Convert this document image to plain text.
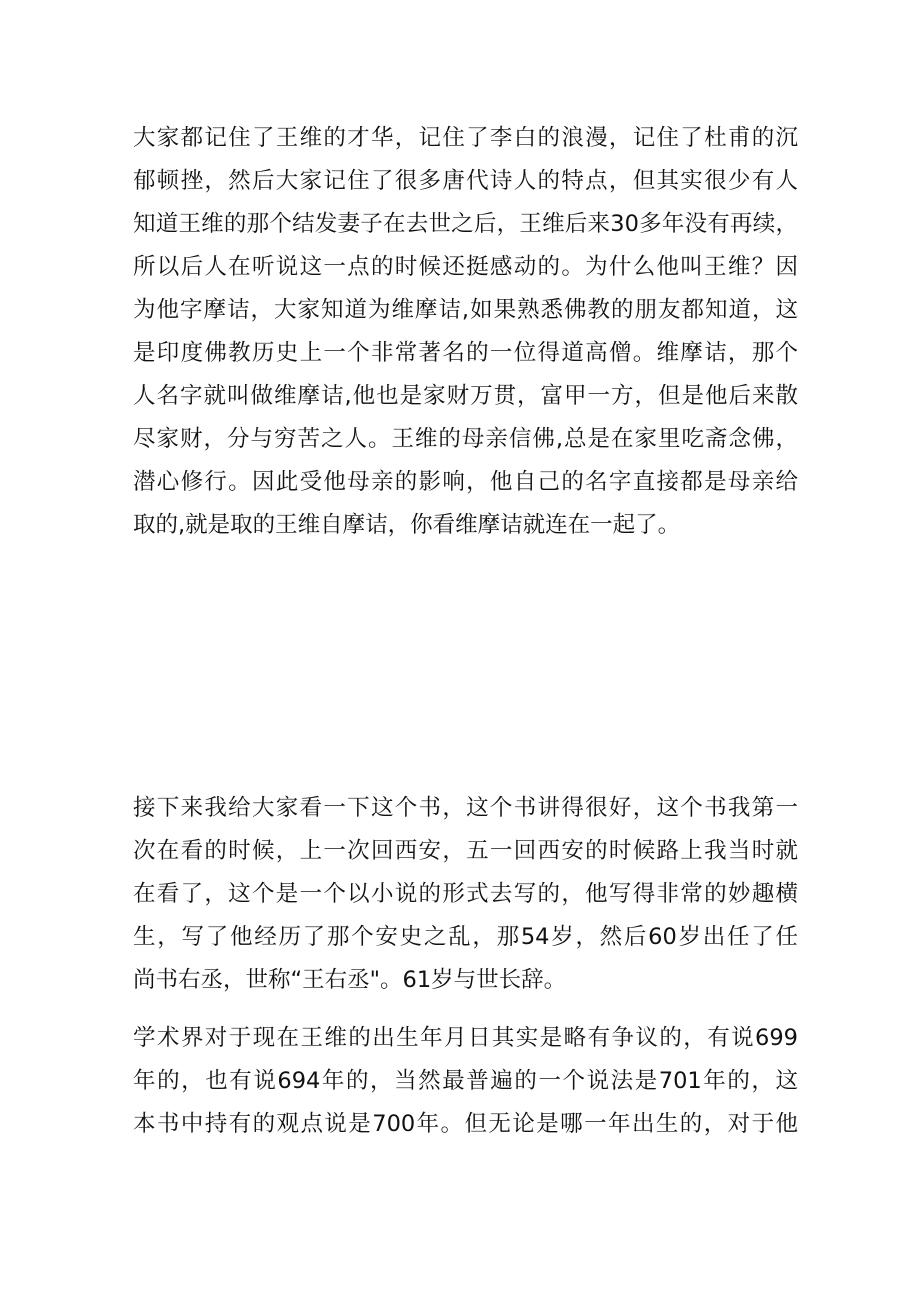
大家都记住了王维的才华，记住了李白的浪漫，记住了杜甫的沉
郁顿挫，然后大家记住了很多唐代诗人的特点，但其实很少有人
知道王维的那个结发妻子在去世之后，王维后来30多年没有再续，
所以后人在听说这一点的时候还挺感动的。为什么他叫王维？因
为他字摩诘，大家知道为维摩诘,如果熟悉佛教的朋友都知道，这
是印度佛教历史上一个非常著名的一位得道高僧。维摩诘，那个
人名字就叫做维摩诘,他也是家财万贯，富甲一方，但是他后来散
尽家财，分与穷苦之人。王维的母亲信佛,总是在家里吃斋念佛，
潜心修行。因此受他母亲的影响，他自己的名字直接都是母亲给
取的,就是取的王维自摩诘，你看维摩诘就连在一起了。
接下来我给大家看一下这个书，这个书讲得很好，这个书我第一
次在看的时候，上一次回西安，五一回西安的时候路上我当时就
在看了，这个是一个以小说的形式去写的，他写得非常的妙趣横
生，写了他经历了那个安史之乱，那54岁，然后60岁出任了任
尚书右丞，世称“王右丞"。61岁与世长辞。
学术界对于现在王维的出生年月日其实是略有争议的，有说699
年的，也有说694年的，当然最普遍的一个说法是701年的，这
本书中持有的观点说是700年。但无论是哪一年出生的，对于他
